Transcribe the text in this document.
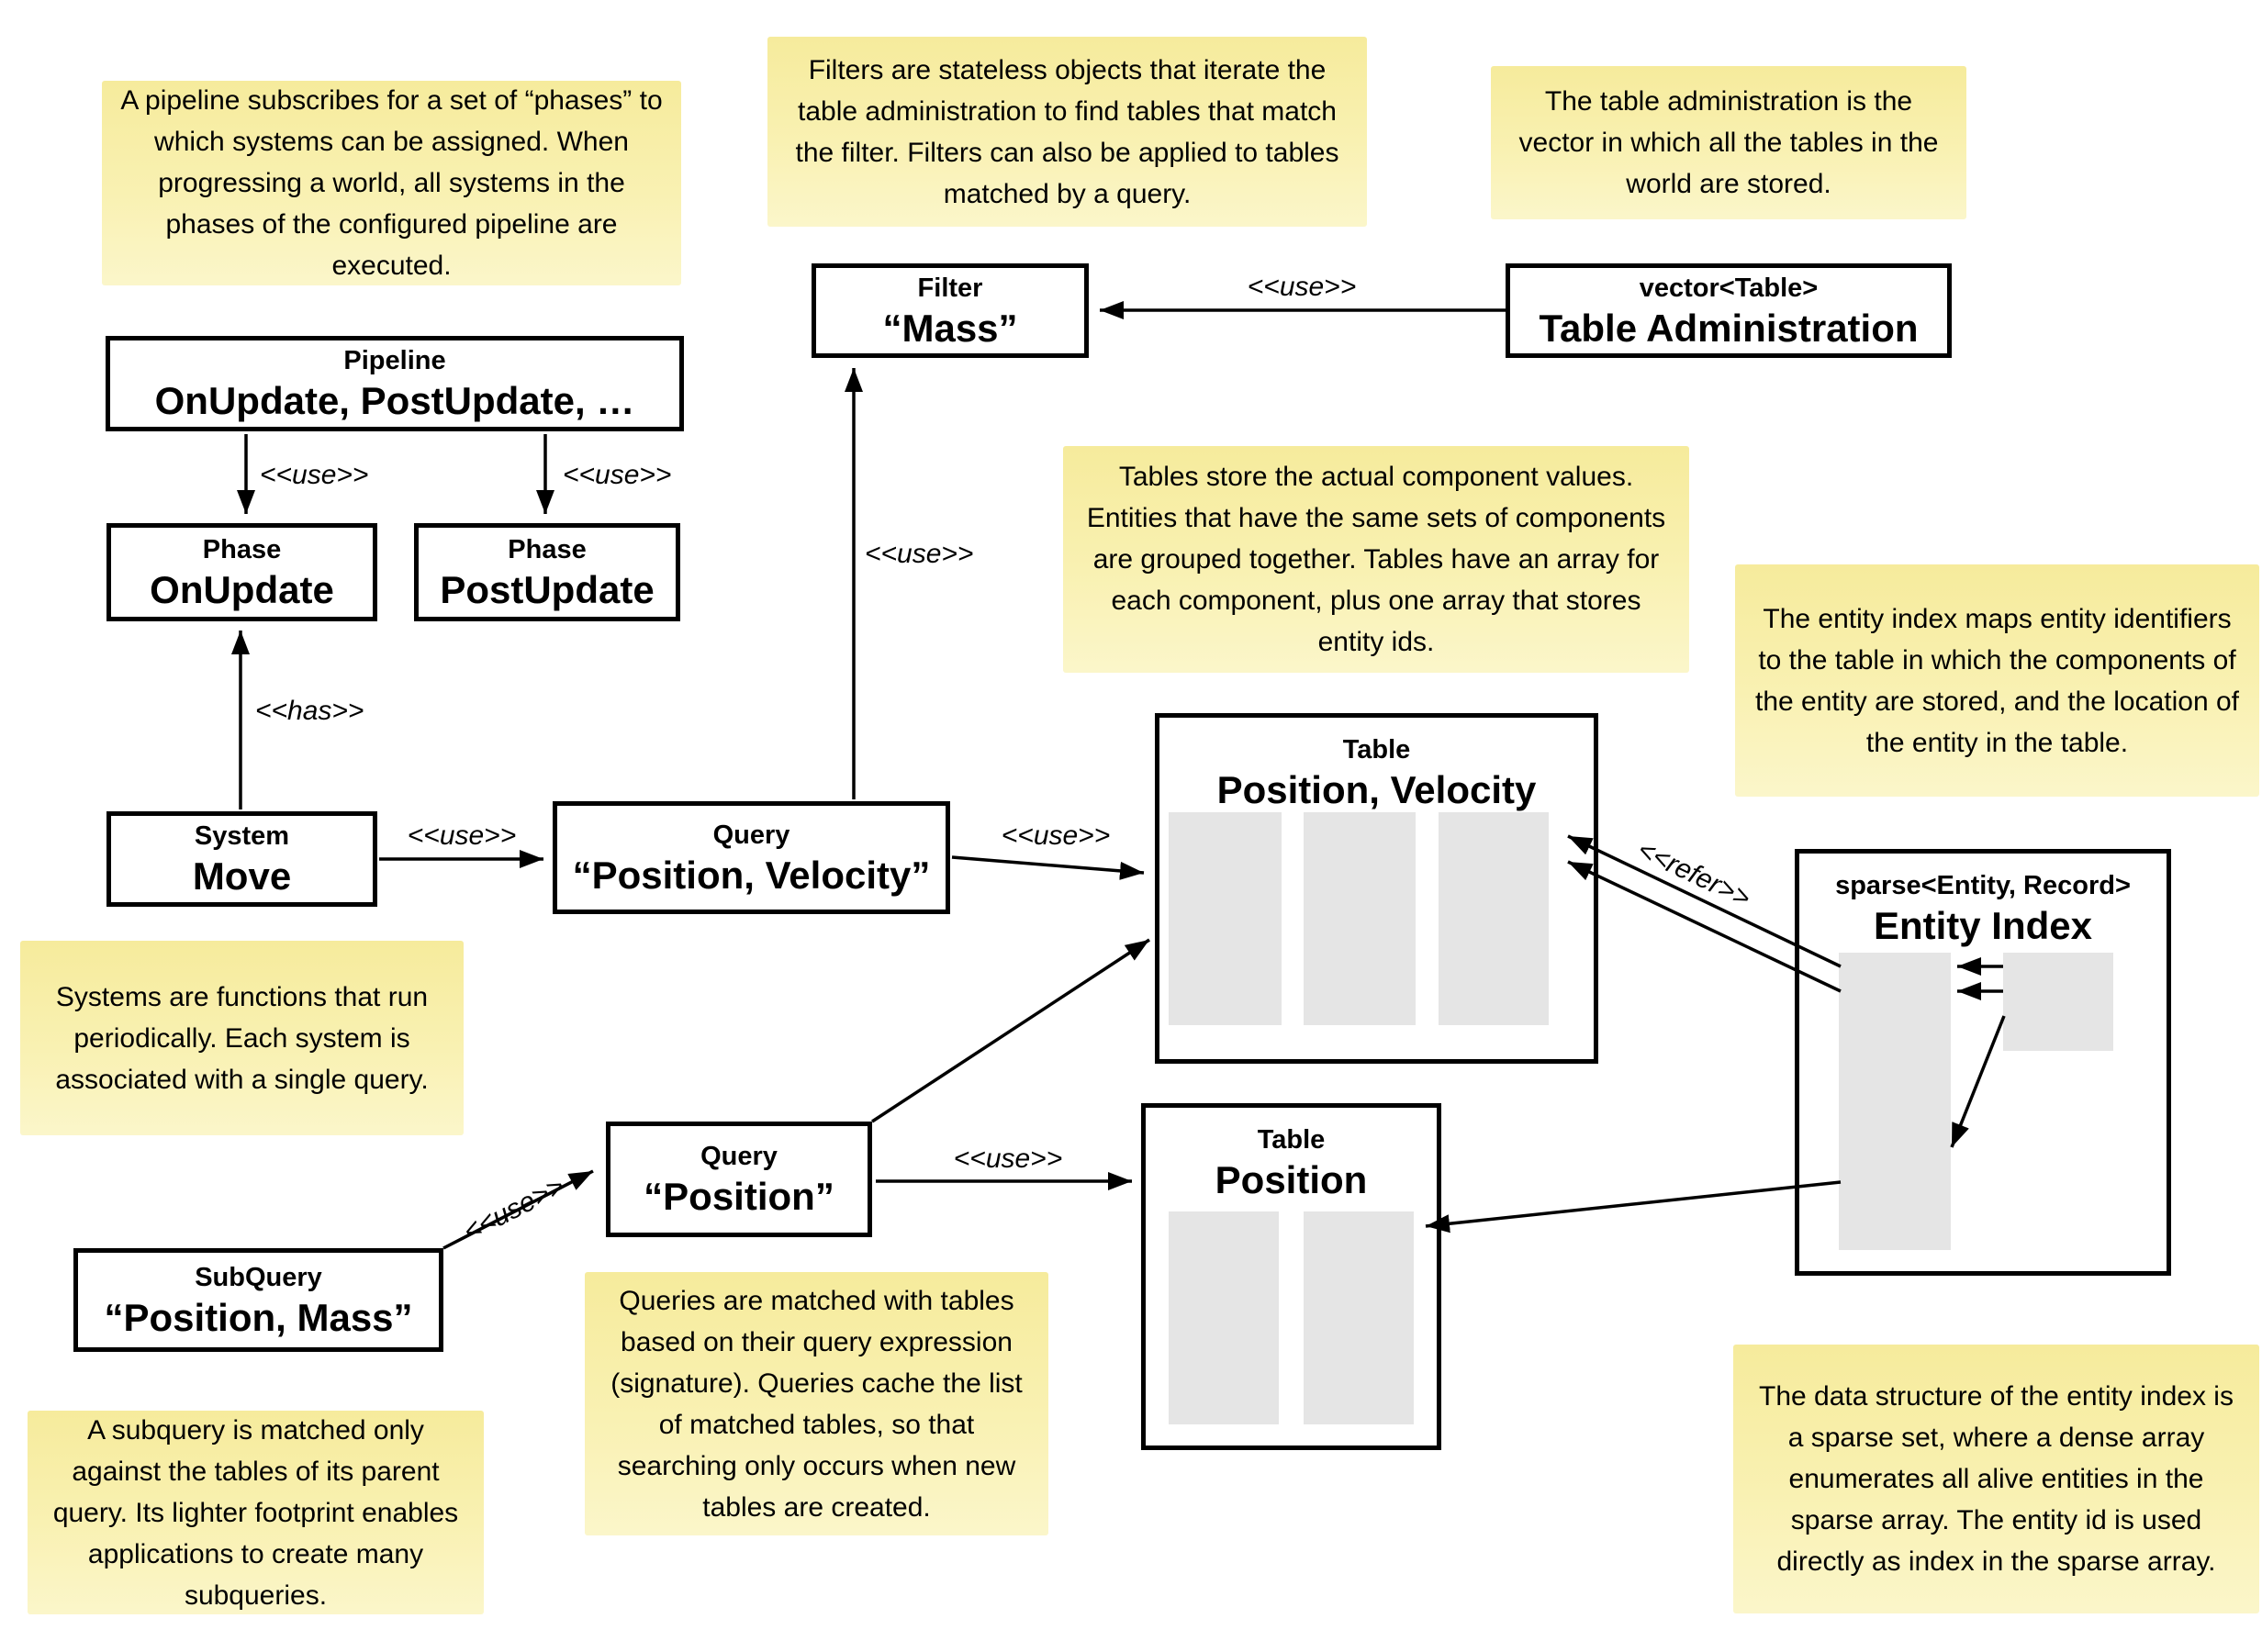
A pipeline subscribes for a set of “phases” to which systems can be assigned. When progressing a world, all systems in the phases of the configured pipeline are executed.
Filters are stateless objects that iterate the table administration to find tables that match the filter. Filters can also be applied to tables matched by a query.
The table administration is the vector in which all the tables in the world are stored.
Tables store the actual component values. Entities that have the same sets of components are grouped together. Tables have an array for each component, plus one array that stores entity ids.
The entity index maps entity identifiers to the table in which the components of the entity are stored, and the location of the entity in the table.
Systems are functions that run periodically. Each system is associated with a single query.
Queries are matched with tables based on their query expression (signature). Queries cache the list of matched tables, so that searching only occurs when new tables are created.
A subquery is matched only against the tables of its parent query. Its lighter footprint enables applications to create many subqueries.
The data structure of the entity index is a sparse set, where a dense array enumerates all alive entities in the sparse array. The entity id is used directly as index in the sparse array.
Pipeline
OnUpdate, PostUpdate, …
Phase
OnUpdate
Phase
PostUpdate
System
Move
Query
“Position, Velocity”
Filter
“Mass”
vector<Table>
Table Administration
Query
“Position”
SubQuery
“Position, Mass”
Table
Position, Velocity
Table
Position
sparse<Entity, Record>
Entity Index
<<use>>
<<use>>	<<use>>
<<has>>
<<use>>
<<use>>
<<use>>
<<use>>
<<use>>
<<refer>>
